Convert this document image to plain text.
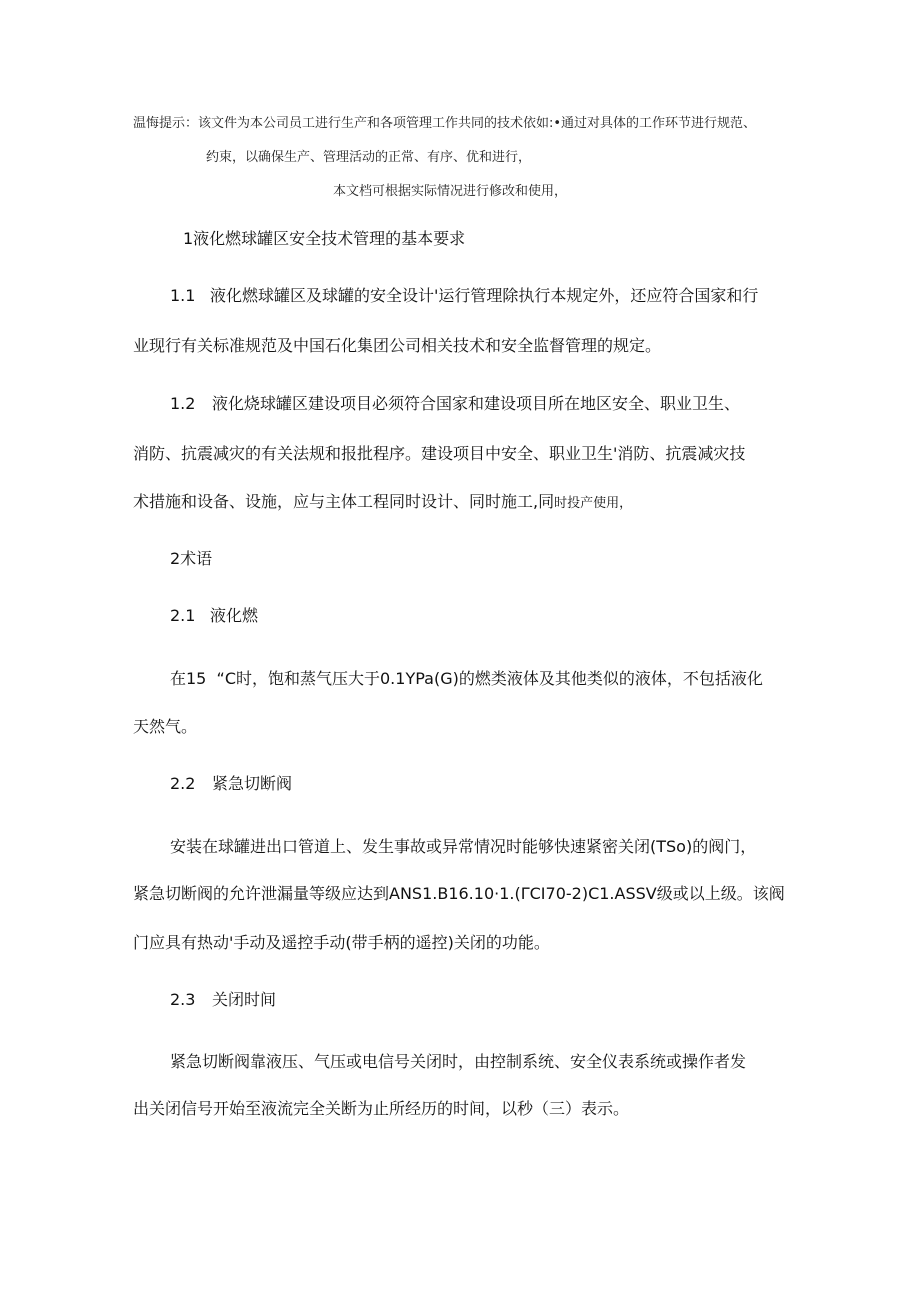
温悔提示：该文件为本公司员工进行生产和各项管理工作共同的技术依如:•通过对具体的工作环节进行规范、
约束，以确保生产、管理活动的正常、有序、优和进行，
本文档可根据实际情况进行修改和使用，
1液化燃球罐区安全技术管理的基本要求
1.1 液化燃球罐区及球罐的安全设计'运行管理除执行本规定外，还应符合国家和行
业现行有关标准规范及中国石化集团公司相关技术和安全监督管理的规定。
1.2 液化烧球罐区建设项目必须符合国家和建设项目所在地区安全、职业卫生、
消防、抗震减灾的有关法规和报批程序。建设项目中安全、职业卫生'消防、抗震减灾技
术措施和设备、设施，应与主体工程同时设计、同时施工,同时投产使用，
2术语
2.1 液化燃
在15  “C时，饱和蒸气压大于0.1YPa(G)的燃类液体及其他类似的液体，不包括液化
天然气。
2.2 紧急切断阀
安装在球罐进出口管道上、发生事故或异常情况时能够快速紧密关闭(TSo)的阀门，
紧急切断阀的允许泄漏量等级应达到ANS1.B16.10·1.(ΓCI70-2)C1.ASSV级或以上级。该阀
门应具有热动'手动及遥控手动(带手柄的遥控)关闭的功能。
2.3 关闭时间
紧急切断阀靠液压、气压或电信号关闭时，由控制系统、安全仪表系统或操作者发
出关闭信号开始至液流完全关断为止所经历的时间，以秒（三）表示。
